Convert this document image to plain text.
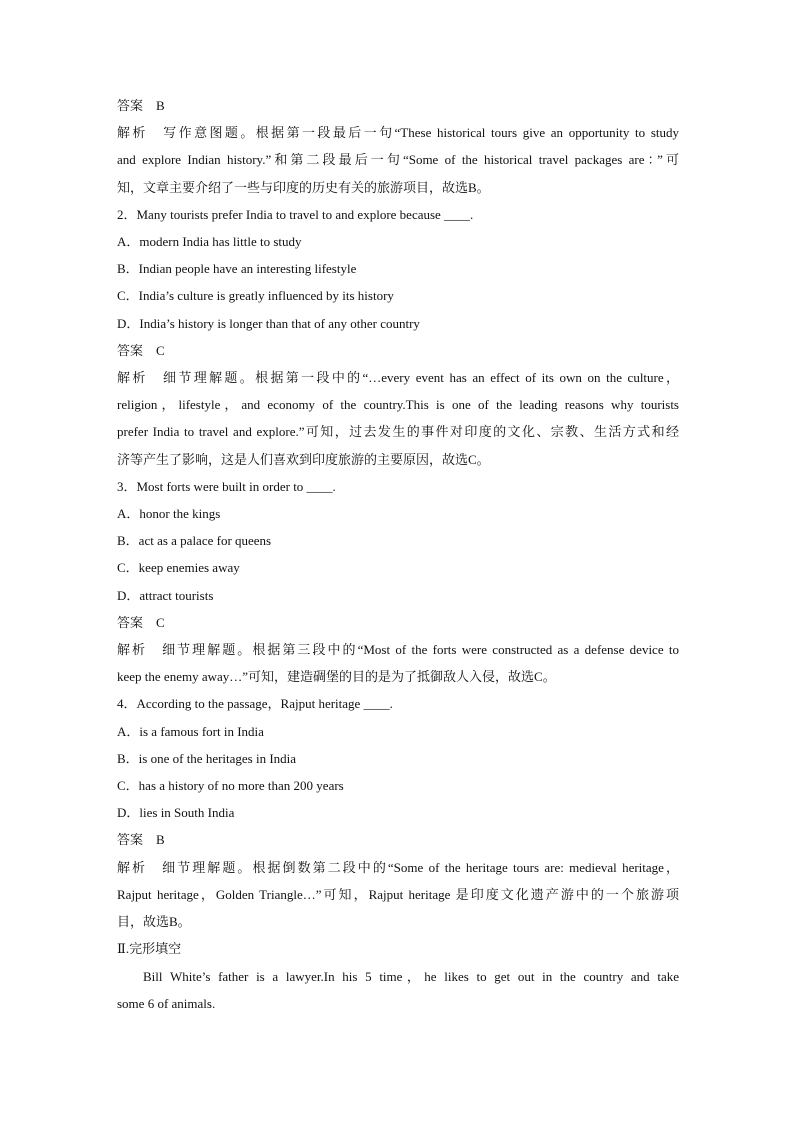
答案　B
解析　写作意图题。根据第一段最后一句“These historical tours give an opportunity to study
and explore Indian history.”和第二段最后一句“Some of the historical travel packages are：”可
知，文章主要介绍了一些与印度的历史有关的旅游项目，故选B。
2．Many tourists prefer India to travel to and explore because ____.
A．modern India has little to study
B．Indian people have an interesting lifestyle
C．India’s culture is greatly influenced by its history
D．India’s history is longer than that of any other country
答案　C
解析　细节理解题。根据第一段中的“…every event has an effect of its own on the culture，
religion，lifestyle，and economy of the country.This is one of the leading reasons why tourists
prefer India to travel and explore.”可知，过去发生的事件对印度的文化、宗教、生活方式和经
济等产生了影响，这是人们喜欢到印度旅游的主要原因，故选C。
3．Most forts were built in order to ____.
A．honor the kings
B．act as a palace for queens
C．keep enemies away
D．attract tourists
答案　C
解析　细节理解题。根据第三段中的“Most of the forts were constructed as a defense device to
keep the enemy away…”可知，建造碉堡的目的是为了抵御敌人入侵，故选C。
4．According to the passage，Rajput heritage ____.
A．is a famous fort in India
B．is one of the heritages in India
C．has a history of no more than 200 years
D．lies in South India
答案　B
解析　细节理解题。根据倒数第二段中的“Some of the heritage tours are: medieval heritage，
Rajput heritage，Golden Triangle…”可知，Rajput heritage 是印度文化遗产游中的一个旅游项
目，故选B。
Ⅱ.完形填空
Bill White’s father is a lawyer.In his 5 time，he likes to get out in the country and take
some 6 of animals.
